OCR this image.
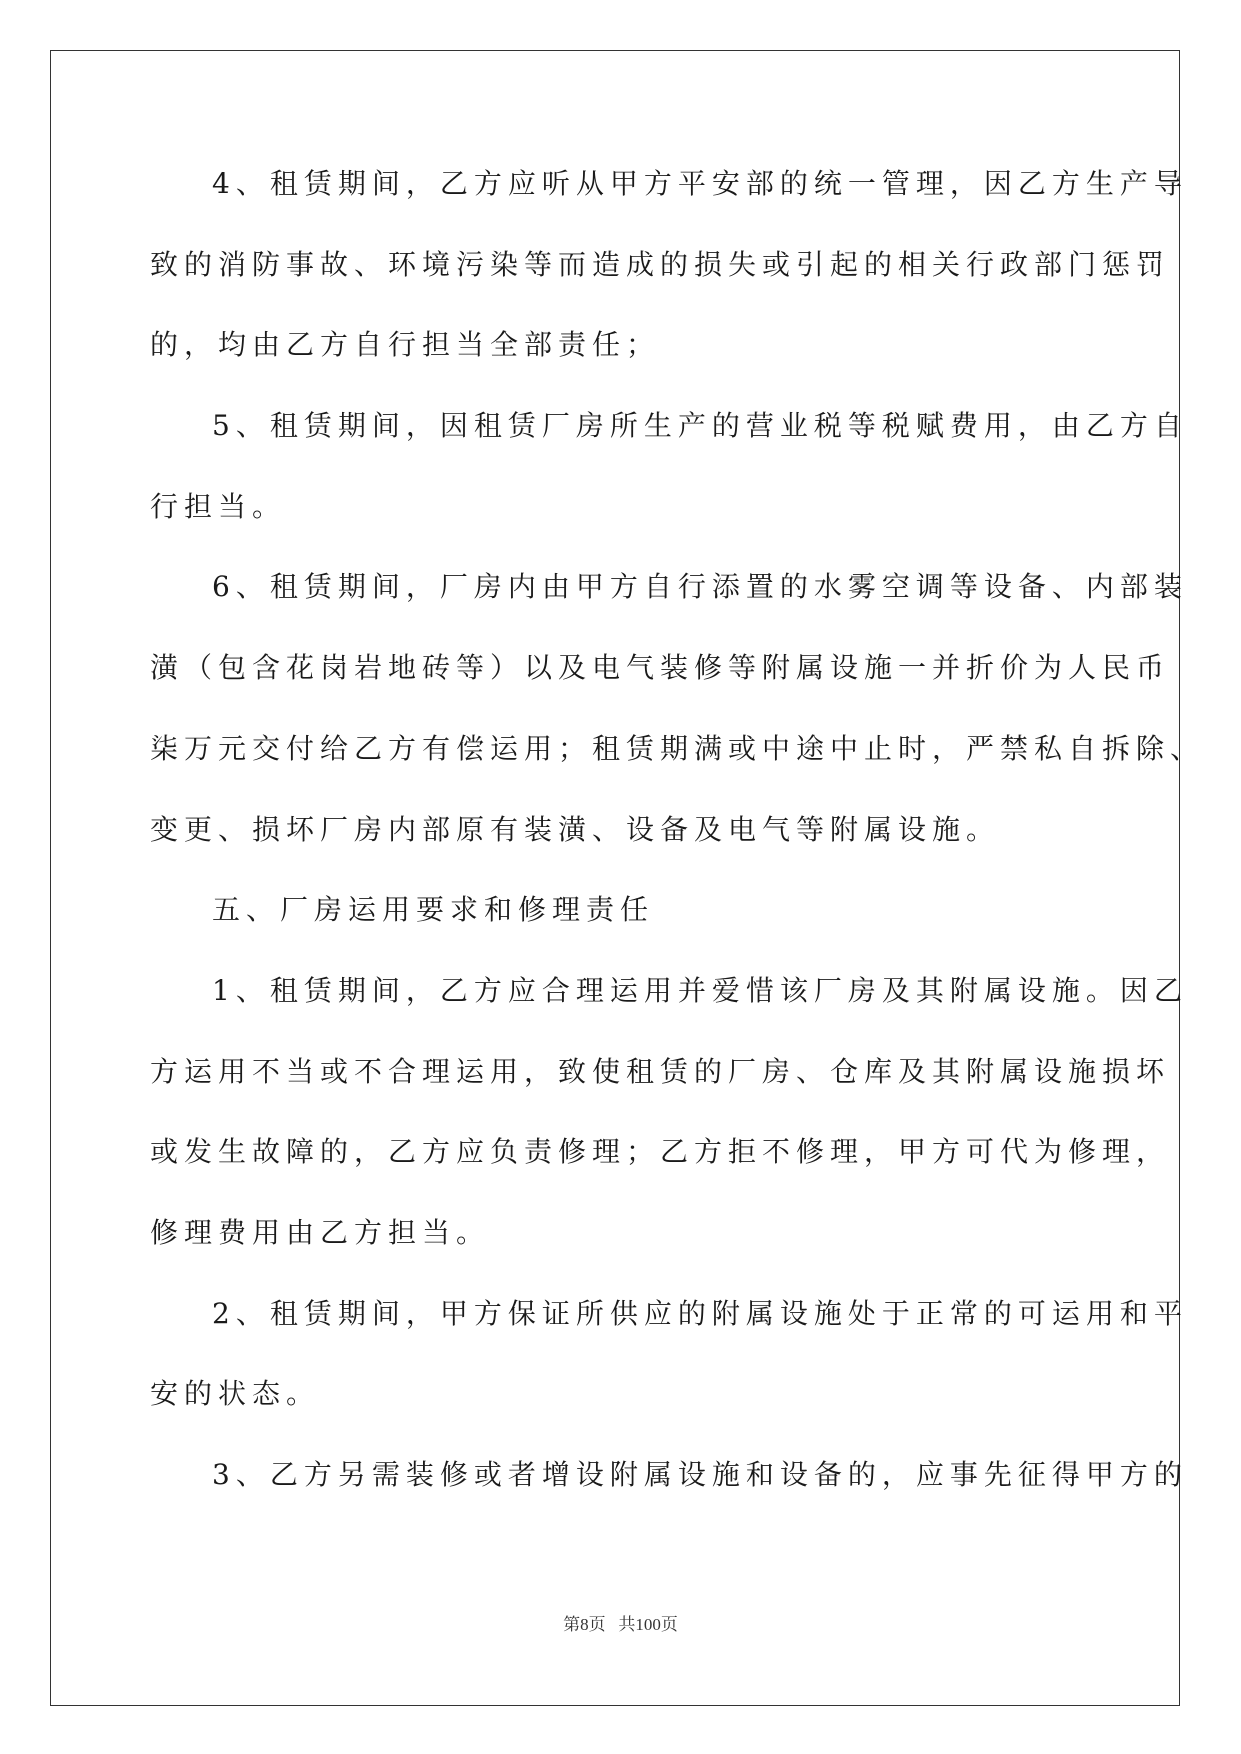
4、租赁期间，乙方应听从甲方平安部的统一管理，因乙方生产导
致的消防事故、环境污染等而造成的损失或引起的相关行政部门惩罚
的，均由乙方自行担当全部责任；
5、租赁期间，因租赁厂房所生产的营业税等税赋费用，由乙方自
行担当。
6、租赁期间，厂房内由甲方自行添置的水雾空调等设备、内部装
潢（包含花岗岩地砖等）以及电气装修等附属设施一并折价为人民币
柒万元交付给乙方有偿运用；租赁期满或中途中止时，严禁私自拆除、
变更、损坏厂房内部原有装潢、设备及电气等附属设施。
五、厂房运用要求和修理责任
1、租赁期间，乙方应合理运用并爱惜该厂房及其附属设施。因乙
方运用不当或不合理运用，致使租赁的厂房、仓库及其附属设施损坏
或发生故障的，乙方应负责修理；乙方拒不修理，甲方可代为修理，
修理费用由乙方担当。
2、租赁期间，甲方保证所供应的附属设施处于正常的可运用和平
安的状态。
3、乙方另需装修或者增设附属设施和设备的，应事先征得甲方的
第8页   共100页
